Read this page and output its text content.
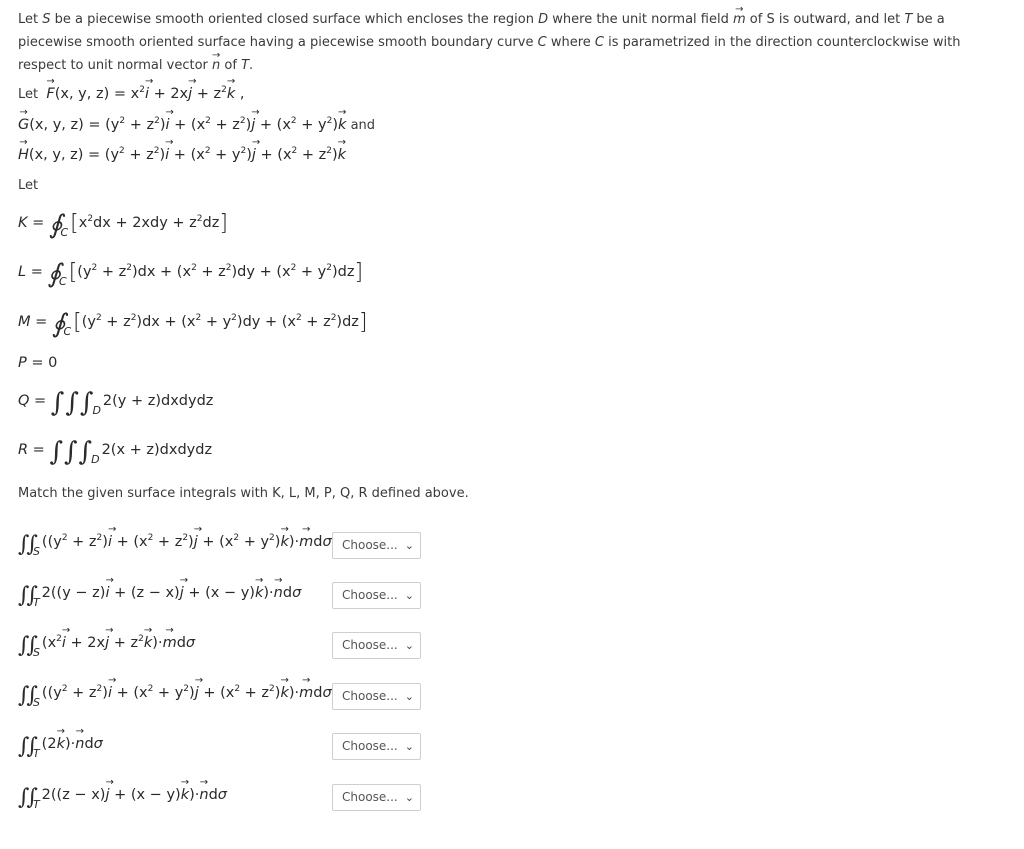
Let S be a piecewise smooth oriented closed surface which encloses the region D where the unit normal field → m of S is outward, and let T be a piecewise smooth oriented surface having a piecewise smooth boundary curve C where C is parametrized in the direction counterclockwise with respect to unit normal vector → n of T.
Let  → F(x, y, $z) = x^2\to i + 2x\to j + z^2\to k$ ,
→ G(x, y, $z) = (y^2 + z^2)\to i + (x^2 + z^2)\to j + (x^2 + y^2)\to k$ and
→ H(x, y, $z) = (y^2 + z^2)\to i + (x^2 + y^2)\to j + (x^2 + z^2)\to k$
Let
$K = ∮_C[x^2dx + 2xdy + z^2dz]$
$L = ∮_C[(y^2 + z^2)dx + (x^2 + z^2)dy + (x^2 + y^2)dz]$
$M = ∮_C[(y^2 + z^2)dx + (x^2 + y^2)dy + (x^2 + z^2)dz]$
P = 0
$Q = \int\int\int_D2(y$ + z)dxdydz
$R = \int\int\int_D2(x$ + z)dxdydz
Match the given surface integrals with K, L, M, P, Q, R defined above.
$\int\int_S((y^2 + z^2)\to i + (x^2 + z^2)\to j + (x^2 + y^2)\to k)\cdot\to md\sigma$ Choose... ⌄
$\int\int_T2((y - z)\to i + (z - x)\to j + (x - y)\to k)\cdot\to nd\sigma$	Choose... ⌄
$\int\int_S(x^2\to i + 2x\to j + z^2\to k)\cdot\to md\sigma$	Choose... ⌄
$\int\int_S((y^2 + z^2)\to i + (x^2 + y^2)\to j + (x^2 + z^2)\to k)\cdot\to md\sigma$ Choose... ⌄
$\int\int_T(2\to k)\cdot\to nd\sigma$	Choose... ⌄
$\int\int_T2((z - x)\to j + (x - y)\to k)\cdot\to nd\sigma$	Choose... ⌄
